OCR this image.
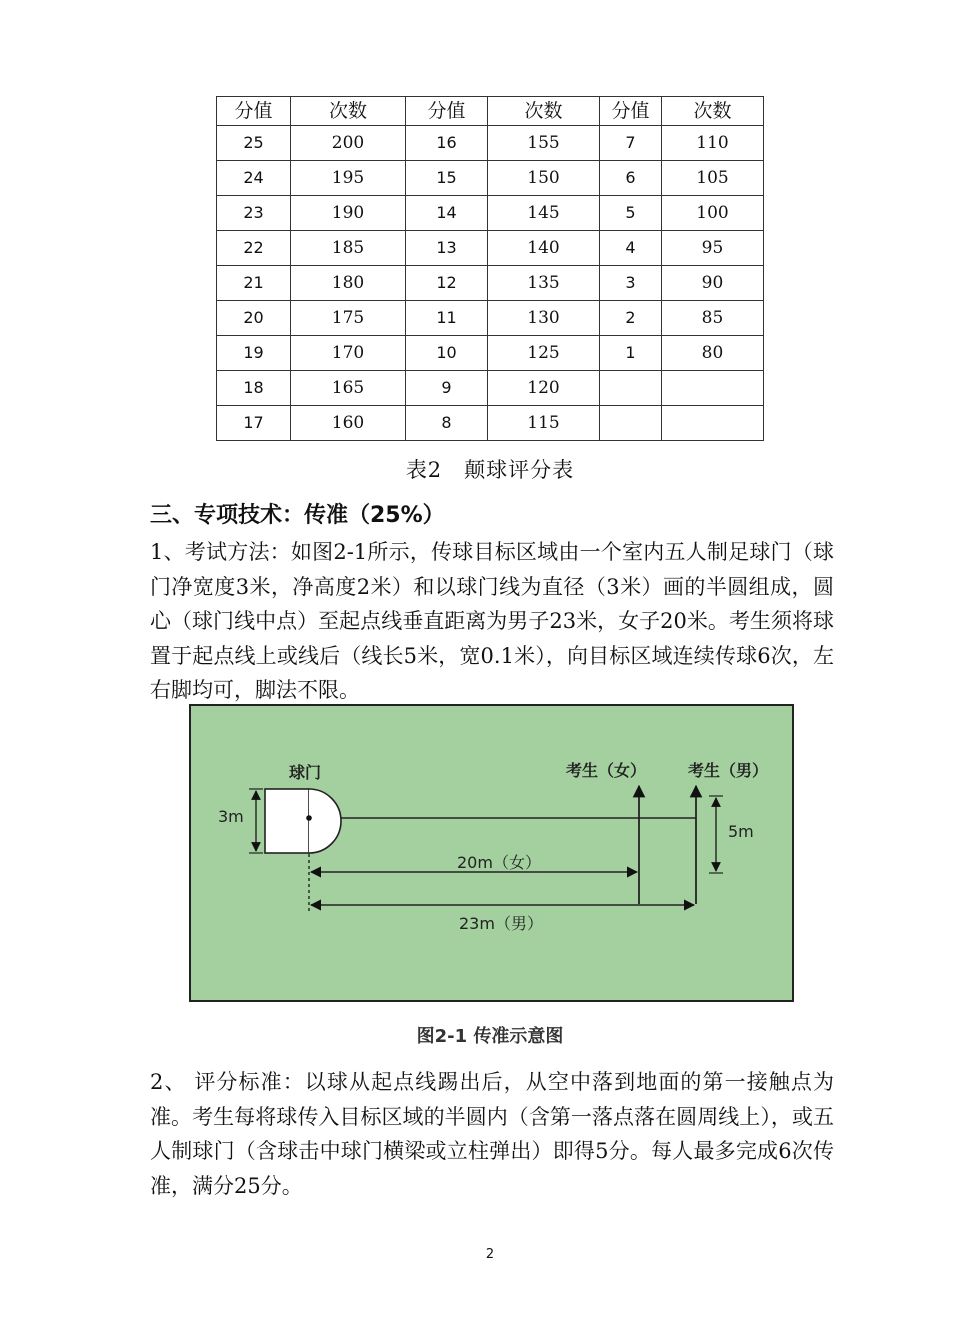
分值	次数	分值	次数	分值	次数
25	200	16	155	7	110
24	195	15	150	6	105
23	190	14	145	5	100
22	185	13	140	4	95
21	180	12	135	3	90
20	175	11	130	2	85
19	170	10	125	1	80
18	165	9	120		
17	160	8	115		
表2　颠球评分表
三、专项技术：传准（25%）

1、考试方法：如图2-1所示，传球目标区域由一个室内五人制足球门（球门净宽度3米，净高度2米）和以球门线为直径（3米）画的半圆组成，圆心（球门线中点）至起点线垂直距离为男子23米，女子20米。考生须将球置于起点线上或线后（线长5米，宽0.1米），向目标区域连续传球6次，左右脚均可，脚法不限。

球门
3m
考生（女）	考生（男）
5m
20m（女）
23m（男）
图2-1 传准示意图

2、 评分标准：以球从起点线踢出后，从空中落到地面的第一接触点为准。考生每将球传入目标区域的半圆内（含第一落点落在圆周线上），或五人制球门（含球击中球门横梁或立柱弹出）即得5分。每人最多完成6次传准，满分25分。

2
